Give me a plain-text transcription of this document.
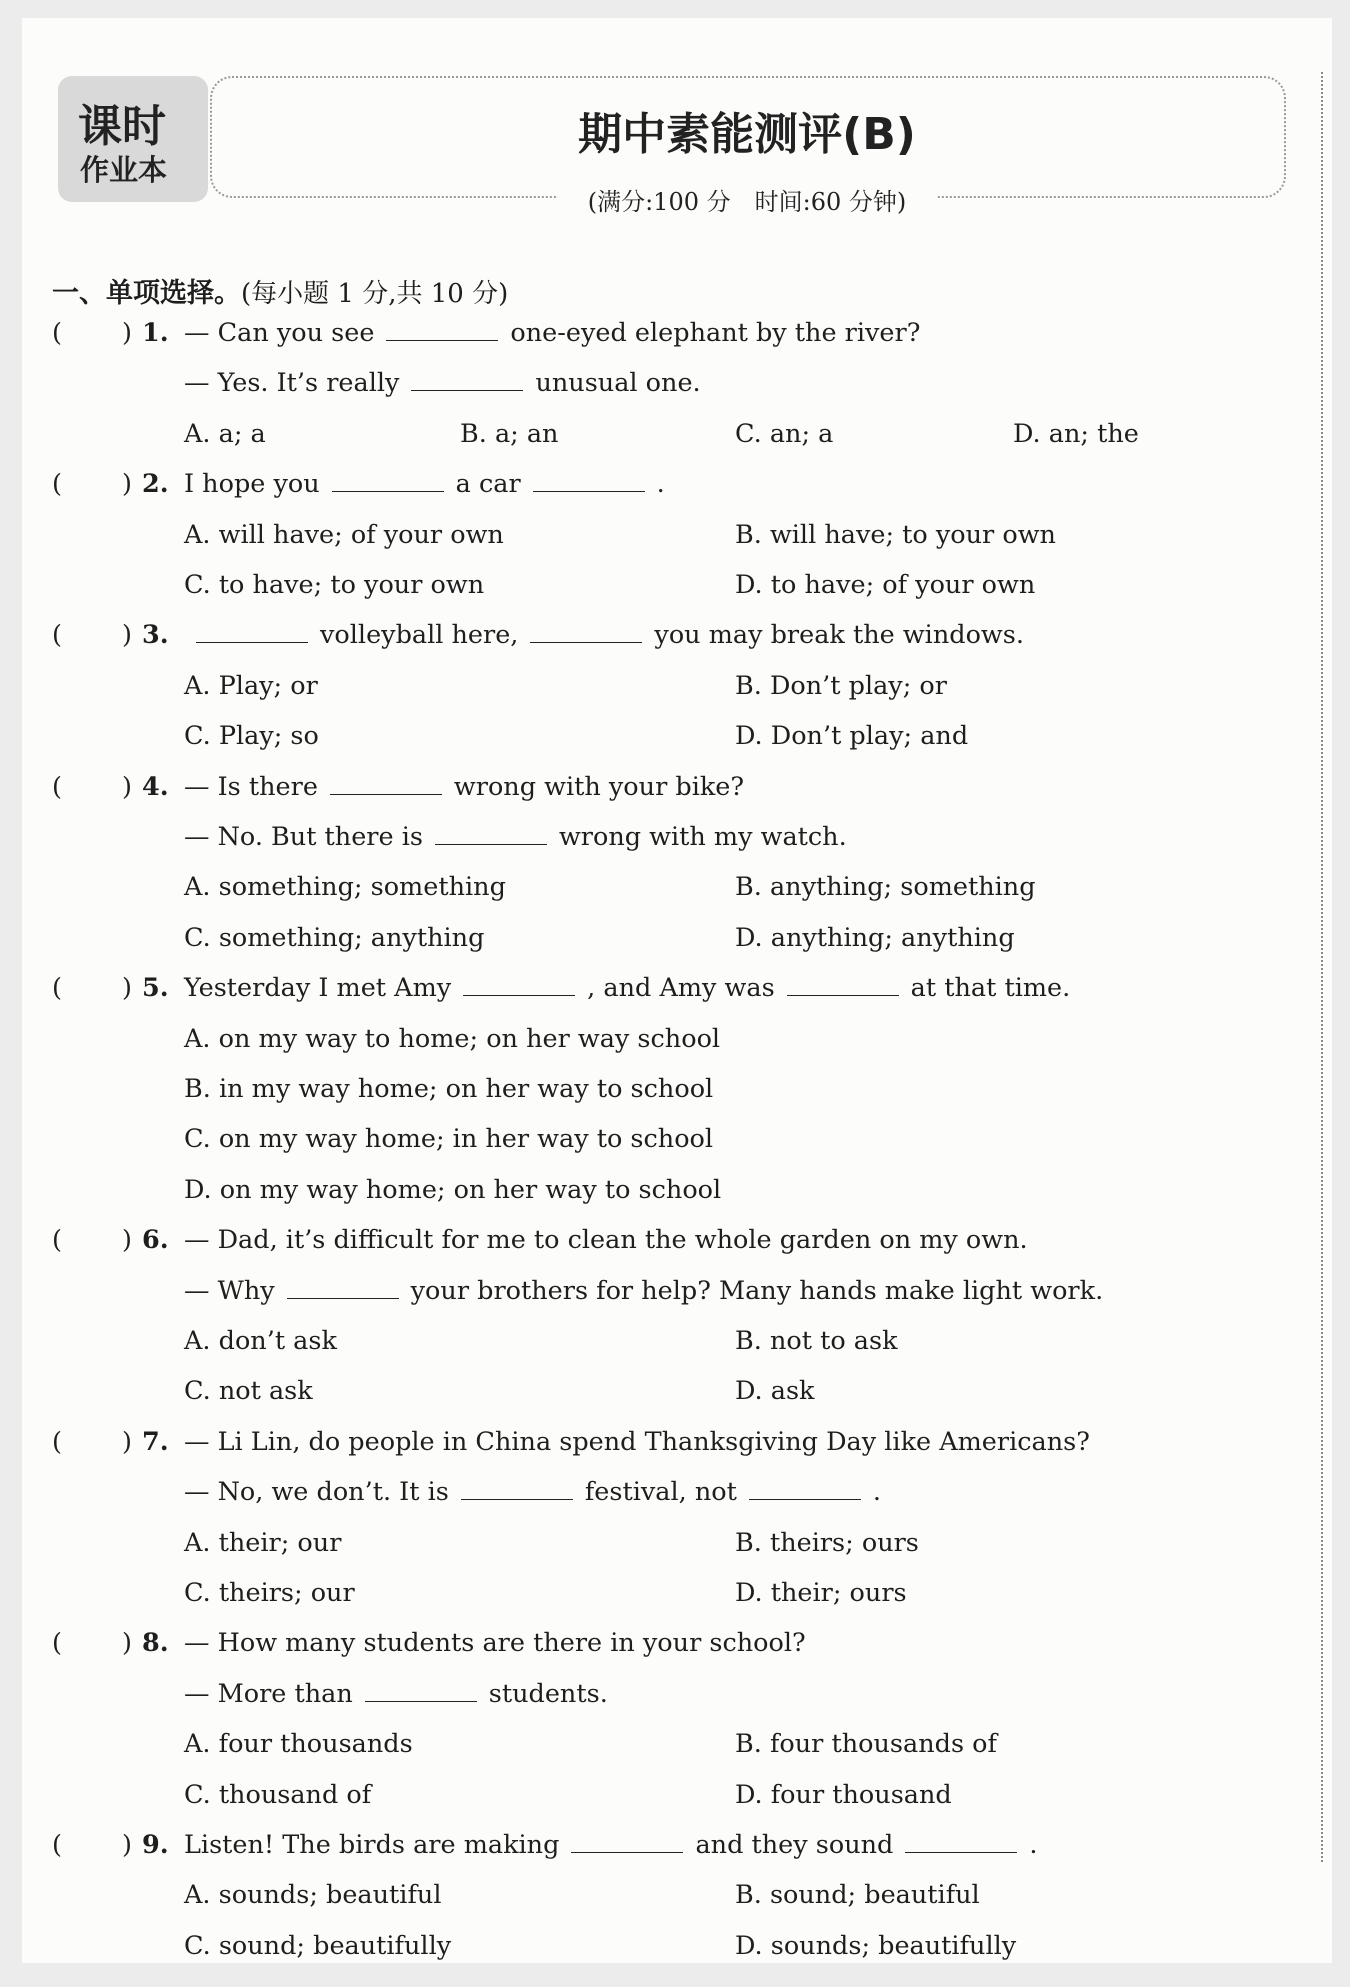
课时
作业本
期中素能测评(B)
(满分:100 分　时间:60 分钟)
一、单项选择。(每小题 1 分,共 10 分)
( ) 1. — Can you see	one-eyed elephant by the river?
— Yes. It’s really	unusual one.
A. a; a	B. a; an	C. an; a	D. an; the
( ) 2. I hope you	a car	.
A. will have; of your own	B. will have; to your own
C. to have; to your own	D. to have; of your own
( ) 3.	volleyball here,	you may break the windows.
A. Play; or	B. Don’t play; or
C. Play; so	D. Don’t play; and
( ) 4. — Is there	wrong with your bike?
— No. But there is	wrong with my watch.
A. something; something	B. anything; something
C. something; anything	D. anything; anything
( ) 5. Yesterday I met Amy	, and Amy was	at that time.
A. on my way to home; on her way school
B. in my way home; on her way to school
C. on my way home; in her way to school
D. on my way home; on her way to school
( ) 6. — Dad, it’s difficult for me to clean the whole garden on my own.
— Why	your brothers for help? Many hands make light work.
A. don’t ask	B. not to ask
C. not ask	D. ask
( ) 7. — Li Lin, do people in China spend Thanksgiving Day like Americans?
— No, we don’t. It is	festival, not	.
A. their; our	B. theirs; ours
C. theirs; our	D. their; ours
( ) 8. — How many students are there in your school?
— More than	students.
A. four thousands	B. four thousands of
C. thousand of	D. four thousand
( ) 9. Listen! The birds are making	and they sound	.
A. sounds; beautiful	B. sound; beautiful
C. sound; beautifully	D. sounds; beautifully
